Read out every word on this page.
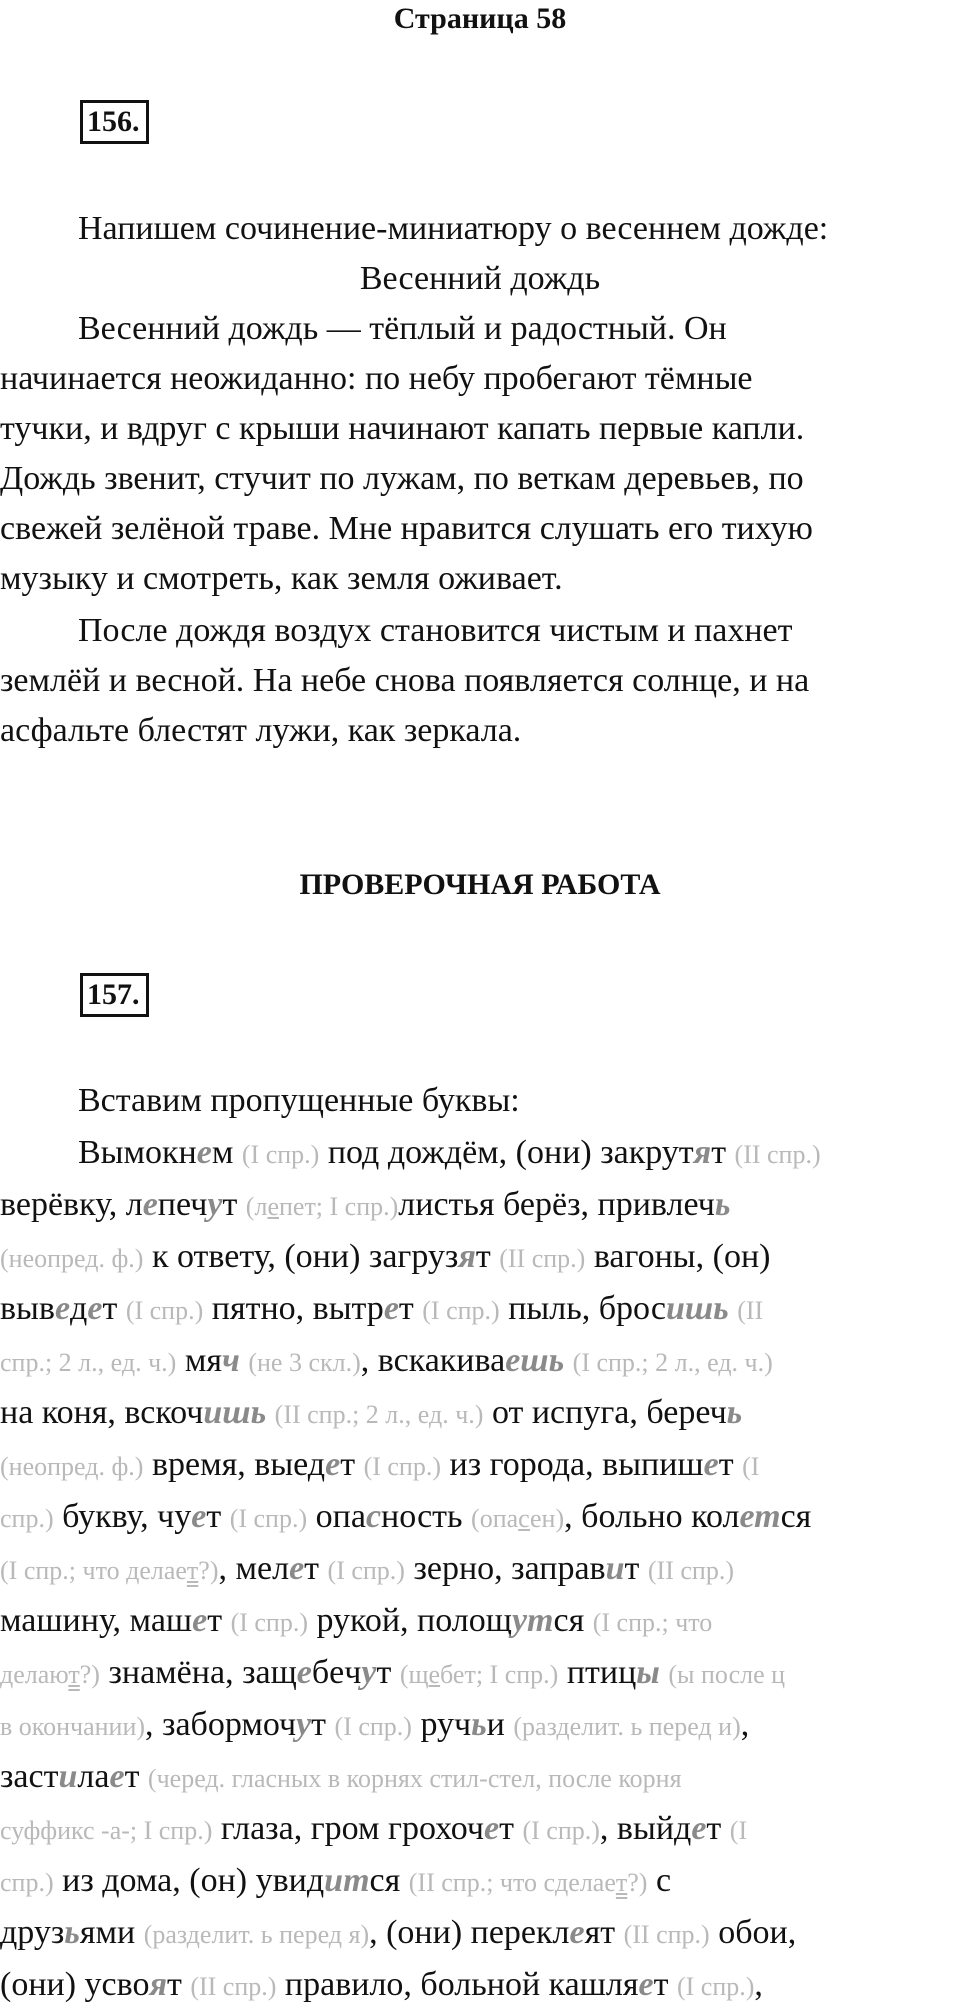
Страница 58
156.
Напишем сочинение-миниатюру о весеннем дожде:
Весенний дождь
Весенний дождь — тёплый и радостный. Он
начинается неожиданно: по небу пробегают тёмные
тучки, и вдруг с крыши начинают капать первые капли.
Дождь звенит, стучит по лужам, по веткам деревьев, по
свежей зелёной траве. Мне нравится слушать его тихую
музыку и смотреть, как земля оживает.
После дождя воздух становится чистым и пахнет
землёй и весной. На небе снова появляется солнце, и на
асфальте блестят лужи, как зеркала.
ПРОВЕРОЧНАЯ РАБОТА
157.
Вставим пропущенные буквы:
Вымокнем (I спр.) под дождём, (они) закрутят (II спр.)
верёвку, лепечут (лепет; I спр.)листья берёз, привлечь
(неопред. ф.) к ответу, (они) загрузят (II спр.) вагоны, (он)
выведет (I спр.) пятно, вытрет (I спр.) пыль, бросишь (II
спр.; 2 л., ед. ч.) мяч (не 3 скл.), вскакиваешь (I спр.; 2 л., ед. ч.)
на коня, вскочишь (II спр.; 2 л., ед. ч.) от испуга, беречь
(неопред. ф.) время, выедет (I спр.) из города, выпишет (I
спр.) букву, чует (I спр.) опасность (опасен), больно колется
(I спр.; что делает?), мелет (I спр.) зерно, заправит (II спр.)
машину, машет (I спр.) рукой, полощутся (I спр.; что
делают?) знамёна, защебeчут (щебет; I спр.) птицы (ы после ц
в окончании), забормочут (I спр.) ручьи (разделит. ь перед и),
застилает (черед. гласных в корнях стил-стел, после корня
суффикс -а-; I спр.) глаза, гром грохочет (I спр.), выйдет (I
спр.) из дома, (он) увидится (II спр.; что сделает?) с
друзьями (разделит. ь перед я), (они) переклеят (II спр.) обои,
(они) усвоят (II спр.) правило, больной кашляет (I спр.),
